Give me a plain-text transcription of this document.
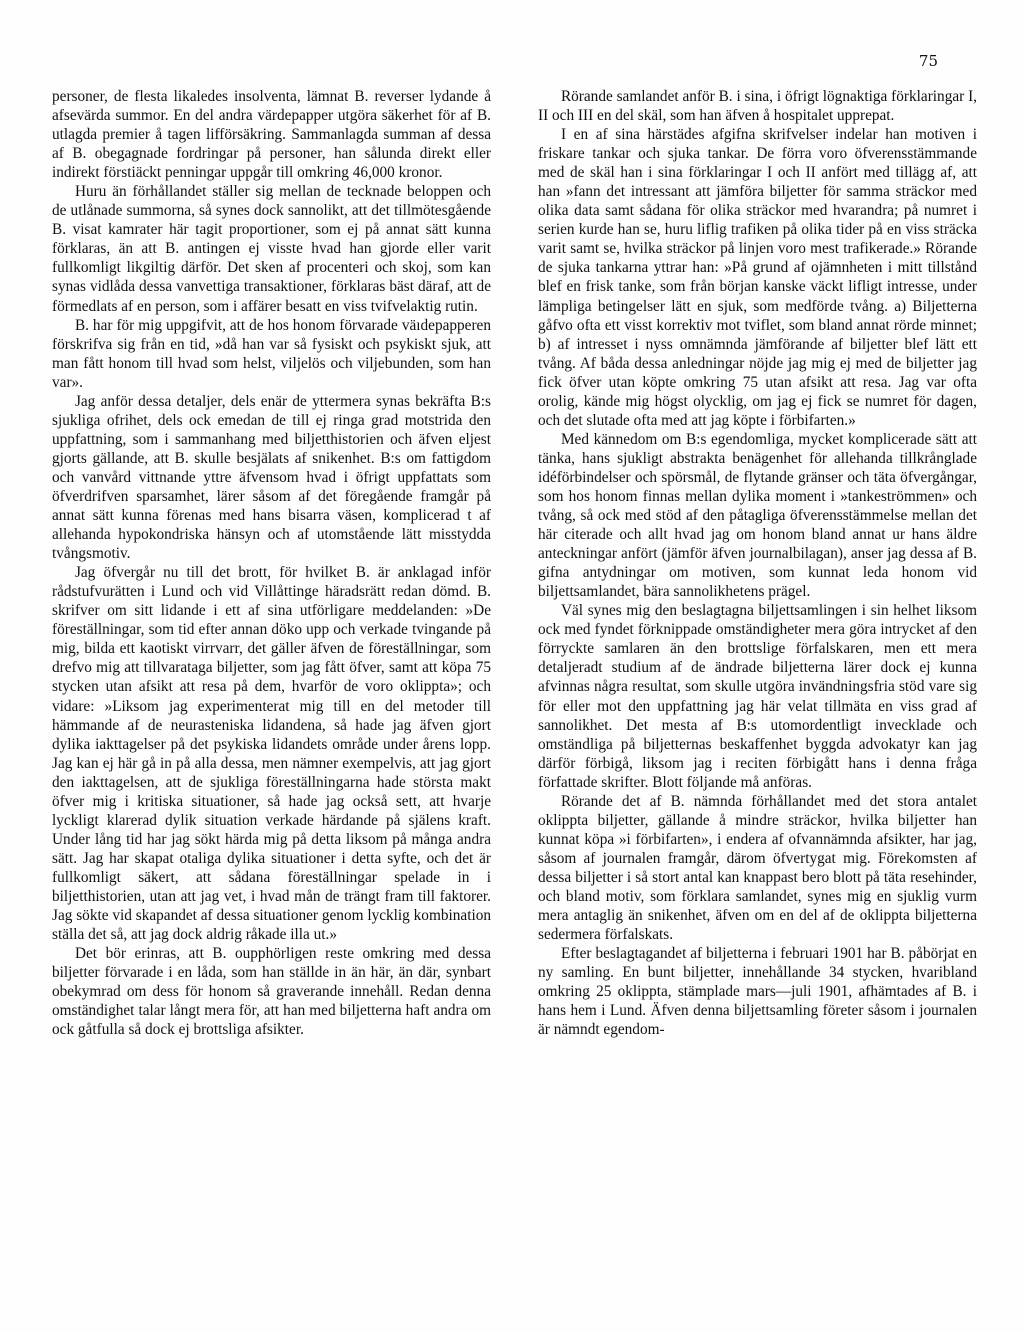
75

personer, de flesta likaledes insolventa, lämnat B. reverser lydande å afsevärda summor. En del andra värdepapper utgöra säkerhet för af B. utlagda premier å tagen lifförsäkring. Sammanlagda summan af dessa af B. obegagnade fordringar på personer, han sålunda direkt eller indirekt förstiäckt penningar uppgår till omkring 46,000 kronor.

Huru än förhållandet ställer sig mellan de tecknade beloppen och de utlånade summorna, så synes dock sannolikt, att det tillmötesgående B. visat kamrater här tagit proportioner, som ej på annat sätt kunna förklaras, än att B. antingen ej visste hvad han gjorde eller varit fullkomligt likgiltig därför. Det sken af procenteri och skoj, som kan synas vidlåda dessa vanvettiga transaktioner, förklaras bäst däraf, att de förmedlats af en person, som i affärer besatt en viss tvifvelaktig rutin.

B. har för mig uppgifvit, att de hos honom förvarade väıdepapperen förskrifva sig från en tid, »då han var så fysiskt och psykiskt sjuk, att man fått honom till hvad som helst, viljelös och viljebunden, som han var».

Jag anför dessa detaljer, dels enär de yttermera synas bekräfta B:s sjukliga ofrihet, dels ock emedan de till ej ringa grad motstrida den uppfattning, som i sammanhang med biljetthistorien och äfven eljest gjorts gällande, att B. skulle besjälats af snikenhet. B:s om fattigdom och vanvård vittnande yttre äfvensom hvad i öfrigt uppfattats som öfverdrifven sparsamhet, lärer såsom af det föregående framgår på annat sätt kunna förenas med hans bisarra väsen, komplicerad t af allehanda hypokondriska hänsyn och af utomstående lätt misstydda tvångsmotiv.

Jag öfvergår nu till det brott, för hvilket B. är anklagad inför rådstufvurätten i Lund och vid Villåttinge häradsrätt redan dömd. B. skrifver om sitt lidande i ett af sina utförligare meddelanden: »De föreställningar, som tid efter annan döko upp och verkade tvingande på mig, bilda ett kaotiskt virrvarr, det gäller äfven de föreställningar, som drefvo mig att tillvaratagа biljetter, som jag fått öfver, samt att köpa 75 stycken utan afsikt att resa på dem, hvarför de voro oklippta»; och vidare: »Liksom jag experimenterat mig till en del metoder till hämmande af de neurasteniska lidandena, så hade jag äfven gjort dylika iakttagelser på det psykiska lidandets område under årens lopp. Jag kan ej här gå in på alla dessa, men nämner exempelvis, att jag gjort den iakttagelsen, att de sjukliga föreställningarna hade största makt öfver mig i kritiska situationer, så hade jag också sett, att hvarje lyckligt klarerad dylik situation verkade härdande på själens kraft. Under lång tid har jag sökt härda mig på detta liksom på många andra sätt. Jag har skapat otaliga dylika situationer i detta syfte, och det är fullkomligt säkert, att sådana föreställningar spelade in i biljetthistorien, utan att jag vet, i hvad mån de trängt fram till faktorer. Jag sökte vid skapandet af dessa situationer genom lycklig kombination ställa det så, att jag dock aldrig råkade illa ut.»

Det bör erinras, att B. oupphörligen reste omkring med dessa biljetter förvarade i en låda, som han ställde in än här, än där, synbart obekymrad om dess för honom så graverande innehåll. Redan denna omständighet talar långt mera för, att han med biljetterna haft andra om ock gåtfulla så dock ej brottsliga afsikter.

Rörande samlandet anför B. i sina, i öfrigt lögnaktiga förklaringar I, II och III en del skäl, som han äfven å hospitalet upprepat.

I en af sina härstädes afgifna skrifvelser indelar han motiven i friskare tankar och sjuka tankar. De förra voro öfverensstämmande med de skäl han i sina förklaringar I och II anfört med tillägg af, att han »fann det intressant att jämföra biljetter för samma sträckor med olika data samt sådana för olika sträckor med hvarandra; på numret i serien kurde han se, huru liflig trafiken på olika tider på en viss sträcka varit samt se, hvilka sträckor på linjen voro mest trafikerade.» Rörande de sjuka tankarna yttrar han: »På grund af ojämnheten i mitt tillstånd blef en frisk tanke, som från början kanske väckt lifligt intresse, under lämpliga betingelser lätt en sjuk, som medförde tvång. a) Biljetterna gåfvo ofta ett visst korrektiv mot tviflet, som bland annat rörde minnet; b) af intresset i nyss omnämnda jämförande af biljetter blef lätt ett tvång. Af båda dessa anledningar nöjde jag mig ej med de biljetter jag fick öfver utan köpte omkring 75 utan afsikt att resa. Jag var ofta orolig, kände mig högst olycklig, om jag ej fick se numret för dagen, och det slutade ofta med att jag köpte i förbifarten.»

Med kännedom om B:s egendomliga, mycket komplicerade sätt att tänka, hans sjukligt abstrakta benägenhet för allehanda tillkrånglade idéförbindelser och spörsmål, de flytande gränser och täta öfvergångar, som hos honom finnas mellan dylika moment i »tankeströmmen» och tvång, så ock med stöd af den påtagliga öfverensstämmelse mellan det här citerade och allt hvad jag om honom bland annat ur hans äldre anteckningar anfört (jämför äfven journalbilagan), anser jag dessa af B. gifna antydningar om motiven, som kunnat leda honom vid biljettsamlandet, bära sannolikhetens prägel.

Väl synes mig den beslagtagna biljettsamlingen i sin helhet liksom ock med fyndet förknippade omständigheter mera göra intrycket af den förryckte samlaren än den brottslige förfalskaren, men ett mera detaljeradt studium af de ändrade biljetterna lärer dock ej kunna afvinnas några resultat, som skulle utgöra invändningsfria stöd vare sig för eller mot den uppfattning jag här velat tillmäta en viss grad af sannolikhet. Det mesta af B:s utomordentligt invecklade och omständliga på biljetternas beskaffenhet byggda advokatyr kan jag därför förbigå, liksom jag i reciten förbigått hans i denna fråga författade skrifter. Blott följande må anföras.

Rörande det af B. nämnda förhållandet med det stora antalet oklippta biljetter, gällande å mindre sträckor, hvilka biljetter han kunnat köpa »i förbifarten», i endera af ofvannämnda afsikter, har jag, såsom af journalen framgår, därom öfvertygat mig. Förekomsten af dessa biljetter i så stort antal kan knappast bero blott på täta resehinder, och bland motiv, som förklara samlandet, synes mig en sjuklig vurm mera antaglig än snikenhet, äfven om en del af de oklippta biljetterna sedermera förfalskats.

Efter beslagtagandet af biljetterna i februari 1901 har B. påbörjat en ny samling. En bunt biljetter, innehållande 34 stycken, hvaribland omkring 25 oklippta, stämplade mars—juli 1901, afhämtades af B. i hans hem i Lund. Äfven denna biljettsamling företer såsom i journalen är nämndt egendom-
